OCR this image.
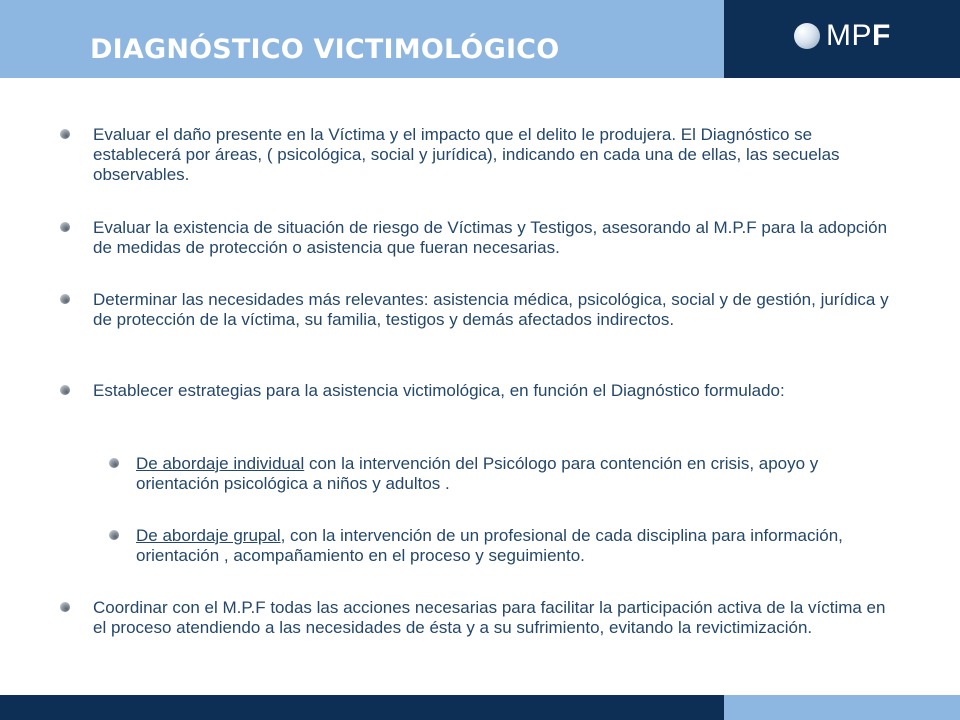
DIAGNÓSTICO VICTIMOLÓGICO	MPF

Evaluar el daño presente en la Víctima y el impacto que el delito le produjera. El Diagnóstico se establecerá por áreas, ( psicológica, social y jurídica), indicando en cada una de ellas, las secuelas observables.

Evaluar la existencia de situación de riesgo de Víctimas y Testigos, asesorando al M.P.F para la adopción de medidas de protección o asistencia que fueran necesarias.

Determinar las necesidades más relevantes: asistencia médica, psicológica, social y de gestión, jurídica y de protección de la víctima, su familia, testigos y demás afectados indirectos.

Establecer estrategias para la asistencia victimológica, en función el Diagnóstico formulado:

De abordaje individual con la intervención del Psicólogo para contención en crisis, apoyo y orientación psicológica a niños y adultos .

De abordaje grupal, con la intervención de un profesional de cada disciplina para información, orientación , acompañamiento en el proceso y seguimiento.

Coordinar con el M.P.F todas las acciones necesarias para facilitar la participación activa de la víctima en el proceso atendiendo a las necesidades de ésta y a su sufrimiento, evitando la revictimización.
